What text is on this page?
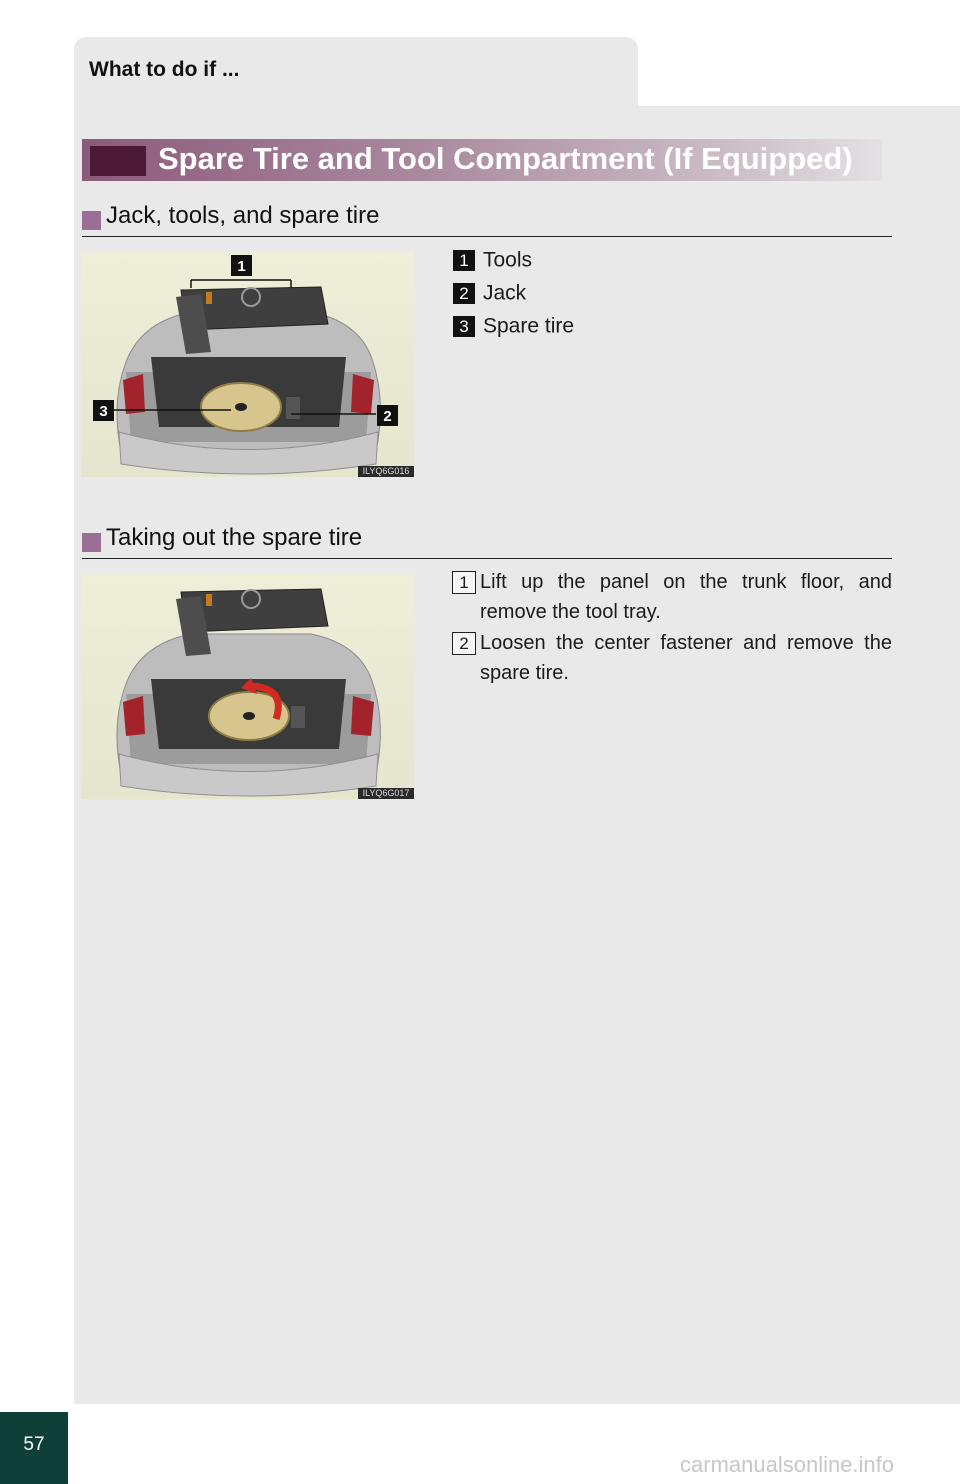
What to do if ...
Spare Tire and Tool Compartment (If Equipped)
Jack, tools, and spare tire
1
3	2
ILYQ6G016
1 Tools
2 Jack
3 Spare tire
Taking out the spare tire
ILYQ6G017
1 Lift up the panel on the trunk floor, and remove the tool tray.
2 Loosen the center fastener and remove the spare tire.
57
carmanualsonline.info
